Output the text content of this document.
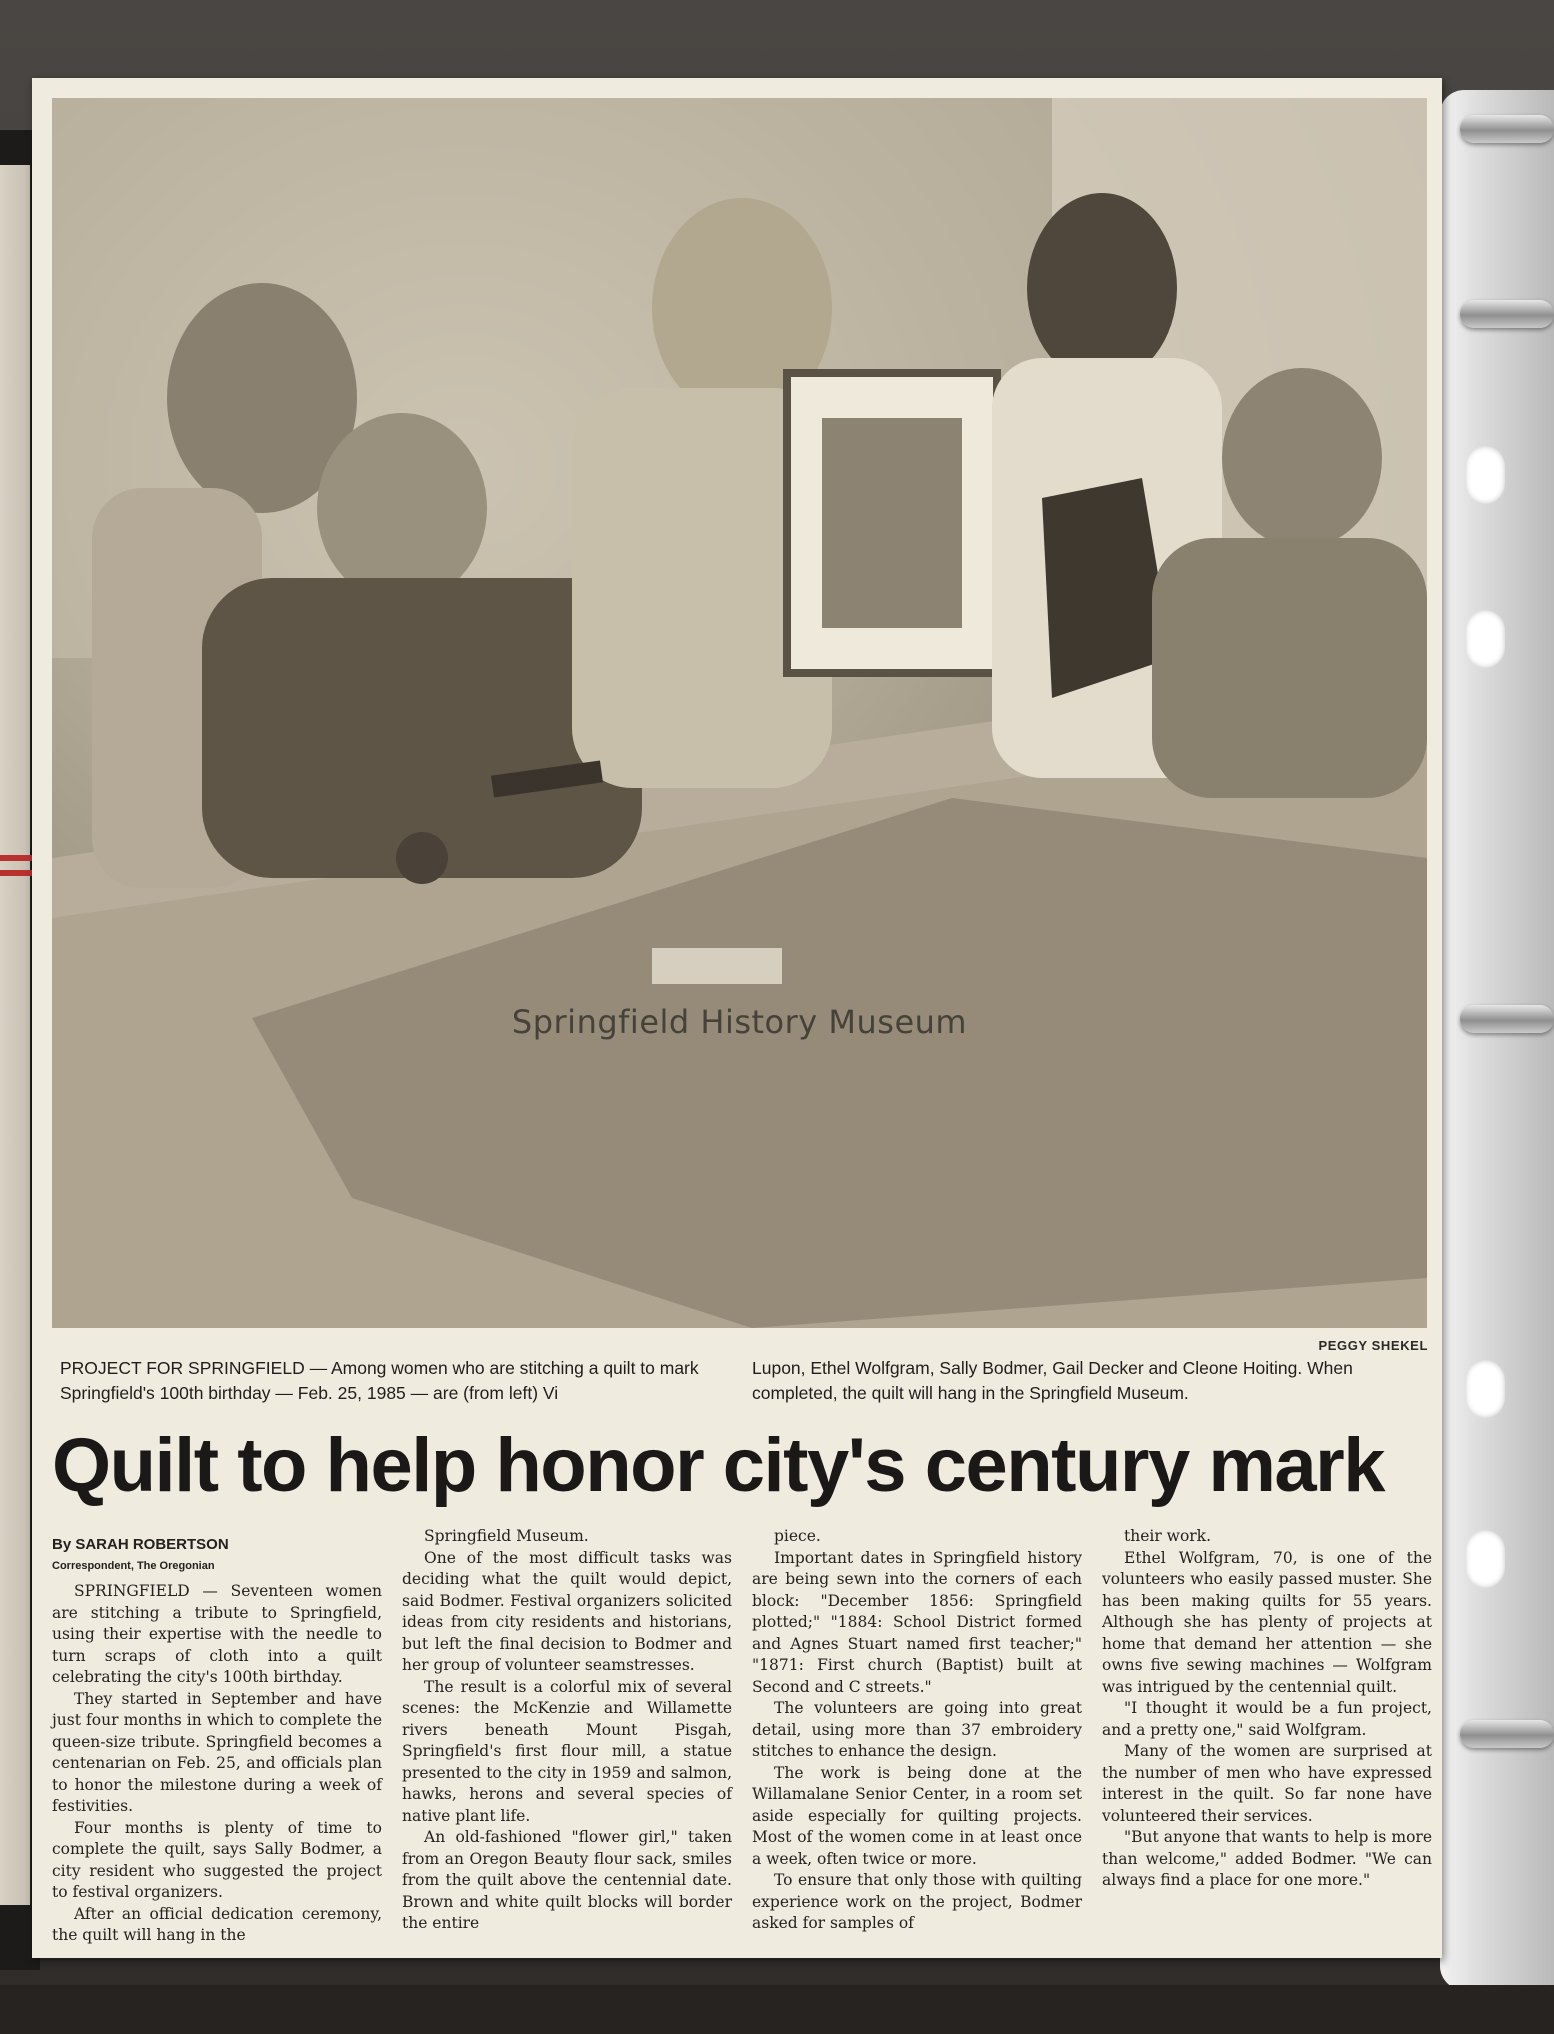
Springfield History Museum
PEGGY SHEKEL
PROJECT FOR SPRINGFIELD — Among women who are stitching a quilt to mark Springfield's 100th birthday — Feb. 25, 1985 — are (from left) Vi
Lupon, Ethel Wolfgram, Sally Bodmer, Gail Decker and Cleone Hoiting. When completed, the quilt will hang in the Springfield Museum.
Quilt to help honor city's century mark
By SARAH ROBERTSON
Correspondent, The Oregonian

SPRINGFIELD — Seventeen women are stitching a tribute to Springfield, using their expertise with the needle to turn scraps of cloth into a quilt celebrating the city's 100th birthday.

They started in September and have just four months in which to complete the queen-size tribute. Springfield becomes a centenarian on Feb. 25, and officials plan to honor the milestone during a week of festivities.

Four months is plenty of time to complete the quilt, says Sally Bodmer, a city resident who suggested the project to festival organizers.

After an official dedication ceremony, the quilt will hang in the

Springfield Museum.

One of the most difficult tasks was deciding what the quilt would depict, said Bodmer. Festival organizers solicited ideas from city residents and historians, but left the final decision to Bodmer and her group of volunteer seamstresses.

The result is a colorful mix of several scenes: the McKenzie and Willamette rivers beneath Mount Pisgah, Springfield's first flour mill, a statue presented to the city in 1959 and salmon, hawks, herons and several species of native plant life.

An old-fashioned "flower girl," taken from an Oregon Beauty flour sack, smiles from the quilt above the centennial date. Brown and white quilt blocks will border the entire

piece.

Important dates in Springfield history are being sewn into the corners of each block: "December 1856: Springfield plotted;" "1884: School District formed and Agnes Stuart named first teacher;" "1871: First church (Baptist) built at Second and C streets."

The volunteers are going into great detail, using more than 37 embroidery stitches to enhance the design.

The work is being done at the Willamalane Senior Center, in a room set aside especially for quilting projects. Most of the women come in at least once a week, often twice or more.

To ensure that only those with quilting experience work on the project, Bodmer asked for samples of

their work.

Ethel Wolfgram, 70, is one of the volunteers who easily passed muster. She has been making quilts for 55 years. Although she has plenty of projects at home that demand her attention — she owns five sewing machines — Wolfgram was intrigued by the centennial quilt.

"I thought it would be a fun project, and a pretty one," said Wolfgram.

Many of the women are surprised at the number of men who have expressed interest in the quilt. So far none have volunteered their services.

"But anyone that wants to help is more than welcome," added Bodmer. "We can always find a place for one more."
